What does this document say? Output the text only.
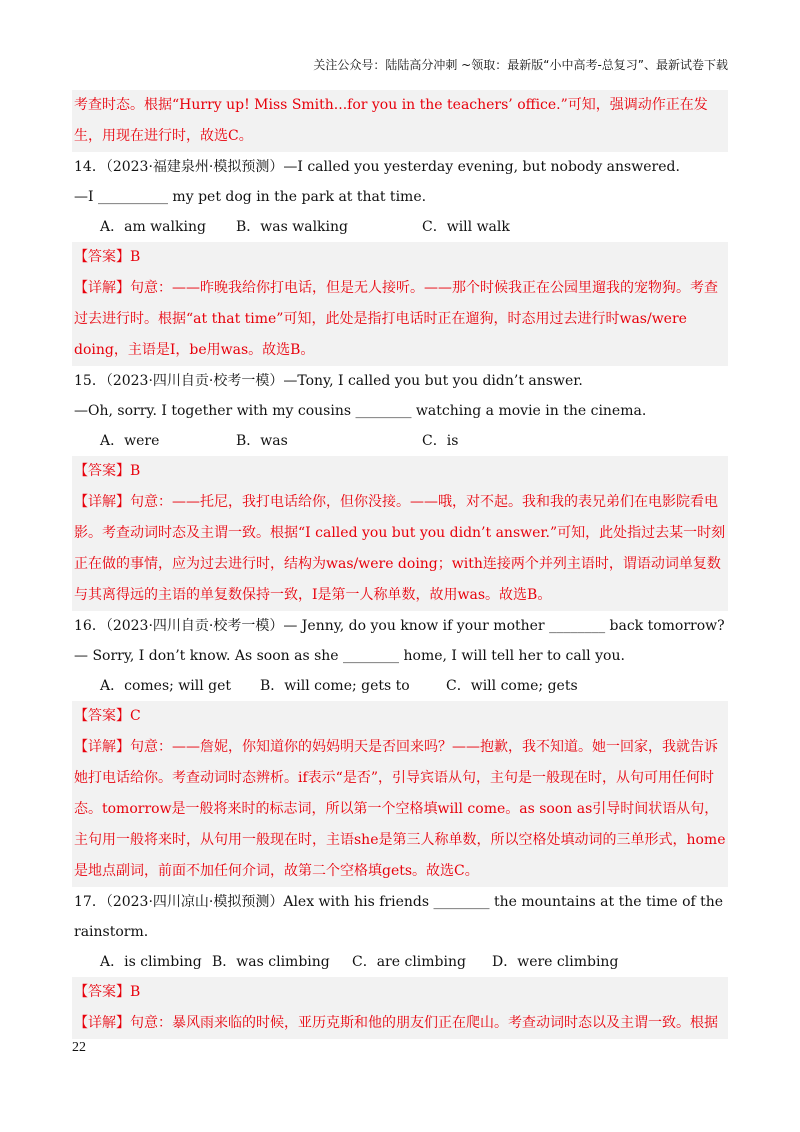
关注公众号：陆陆高分冲刺 ~领取：最新版“小中高考-总复习”、最新试卷下载
考查时态。根据“Hurry up! Miss Smith...for you in the teachers’ office.”可知，强调动作正在发生，用现在进行时，故选C。
14．（2023·福建泉州·模拟预测）—I called you yesterday evening, but nobody answered.
—I __________ my pet dog in the park at that time.
A．am walking	B．was walking	C．will walk
【答案】B
【详解】句意：——昨晚我给你打电话，但是无人接听。——那个时候我正在公园里遛我的宠物狗。考查过去进行时。根据“at that time”可知，此处是指打电话时正在遛狗，时态用过去进行时was/were doing，主语是I，be用was。故选B。
15．（2023·四川自贡·校考一模）—Tony, I called you but you didn’t answer.
—Oh, sorry. I together with my cousins ________ watching a movie in the cinema.
A．were	B．was	C．is
【答案】B
【详解】句意：——托尼，我打电话给你，但你没接。——哦，对不起。我和我的表兄弟们在电影院看电影。考查动词时态及主谓一致。根据“I called you but you didn’t answer.”可知，此处指过去某一时刻正在做的事情，应为过去进行时，结构为was/were doing；with连接两个并列主语时，谓语动词单复数与其离得远的主语的单复数保持一致，I是第一人称单数，故用was。故选B。
16．（2023·四川自贡·校考一模）— Jenny, do you know if your mother ________ back tomorrow?
— Sorry, I don’t know. As soon as she ________ home, I will tell her to call you.
A．comes; will get	B．will come; gets to	C．will come; gets
【答案】C
【详解】句意：——詹妮，你知道你的妈妈明天是否回来吗？——抱歉，我不知道。她一回家，我就告诉她打电话给你。考查动词时态辨析。if表示“是否”，引导宾语从句，主句是一般现在时，从句可用任何时态。tomorrow是一般将来时的标志词，所以第一个空格填will come。as soon as引导时间状语从句，主句用一般将来时，从句用一般现在时，主语she是第三人称单数，所以空格处填动词的三单形式，home是地点副词，前面不加任何介词，故第二个空格填gets。故选C。
17．（2023·四川凉山·模拟预测）Alex with his friends ________ the mountains at the time of the rainstorm.
A．is climbing B．was climbing	C．are climbing	D．were climbing
【答案】B
【详解】句意：暴风雨来临的时候，亚历克斯和他的朋友们正在爬山。考查动词时态以及主谓一致。根据
22
